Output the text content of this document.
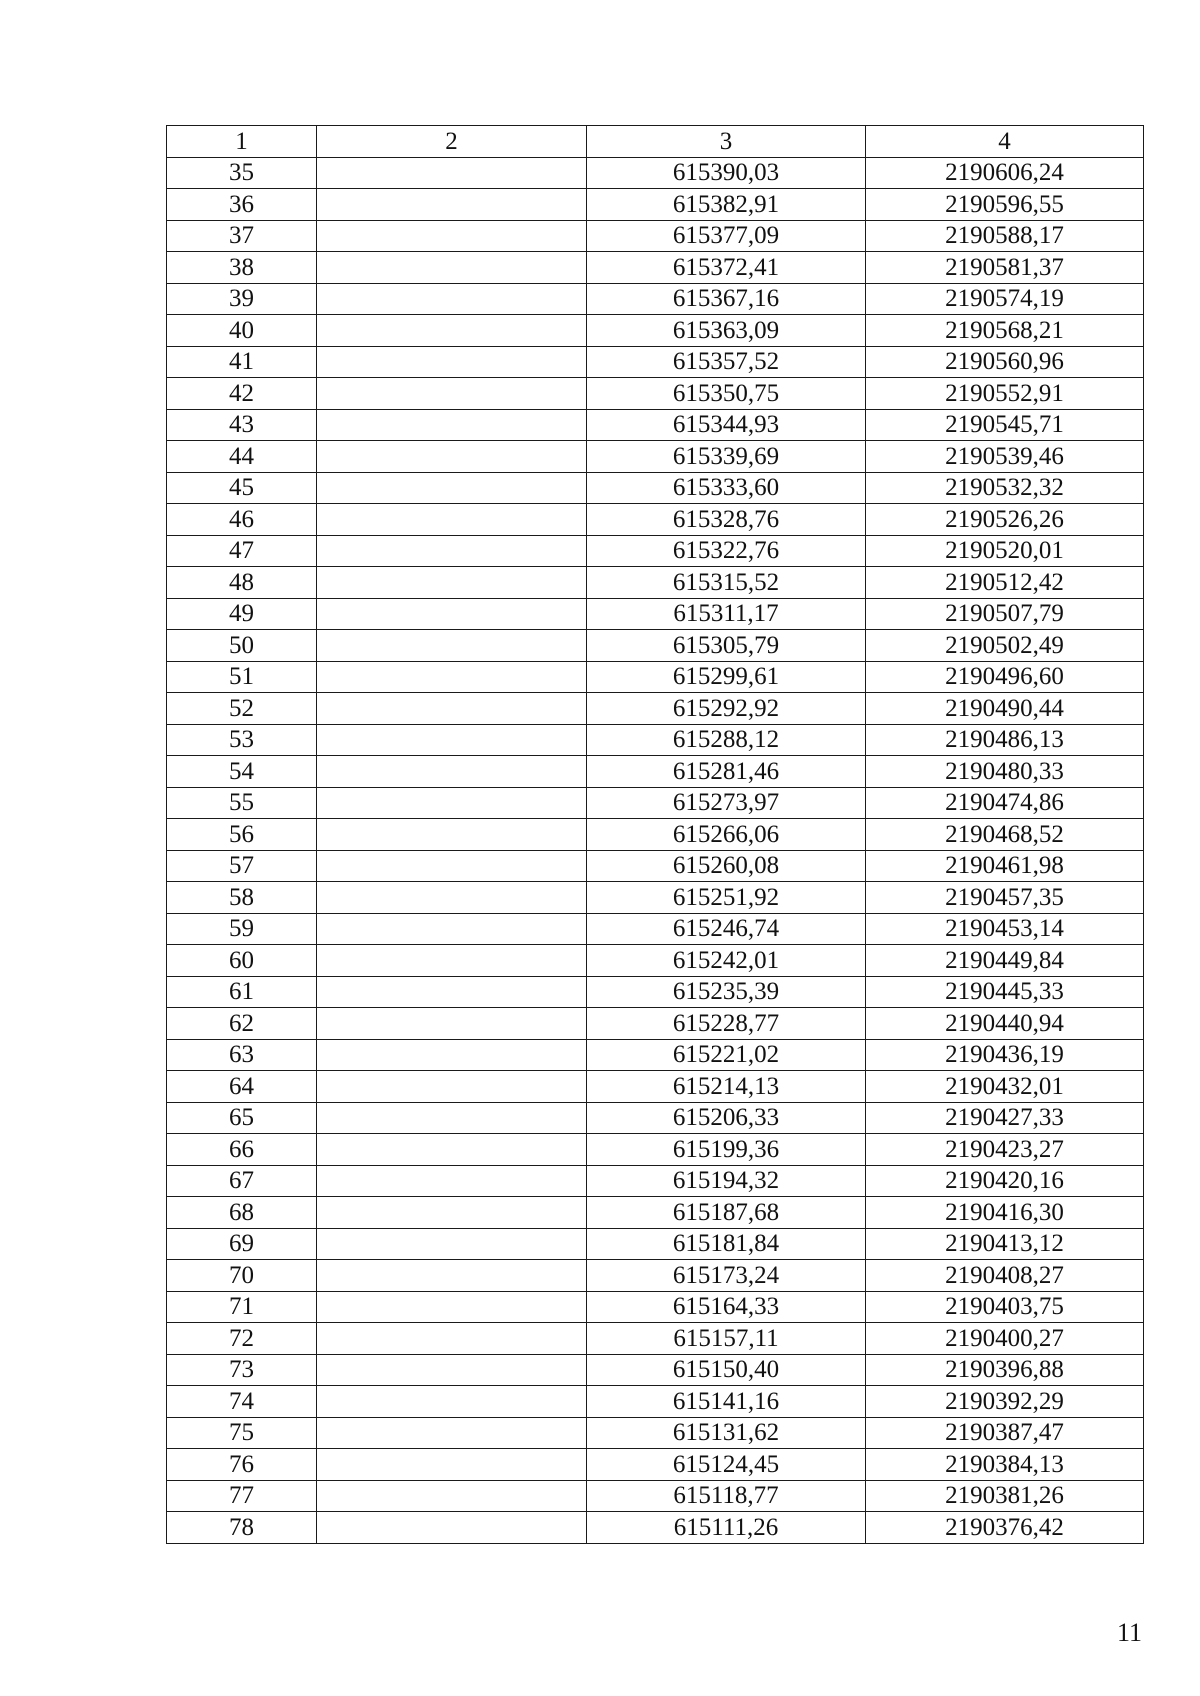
1	2	3	4
35		615390,03	2190606,24
36		615382,91	2190596,55
37		615377,09	2190588,17
38		615372,41	2190581,37
39		615367,16	2190574,19
40		615363,09	2190568,21
41		615357,52	2190560,96
42		615350,75	2190552,91
43		615344,93	2190545,71
44		615339,69	2190539,46
45		615333,60	2190532,32
46		615328,76	2190526,26
47		615322,76	2190520,01
48		615315,52	2190512,42
49		615311,17	2190507,79
50		615305,79	2190502,49
51		615299,61	2190496,60
52		615292,92	2190490,44
53		615288,12	2190486,13
54		615281,46	2190480,33
55		615273,97	2190474,86
56		615266,06	2190468,52
57		615260,08	2190461,98
58		615251,92	2190457,35
59		615246,74	2190453,14
60		615242,01	2190449,84
61		615235,39	2190445,33
62		615228,77	2190440,94
63		615221,02	2190436,19
64		615214,13	2190432,01
65		615206,33	2190427,33
66		615199,36	2190423,27
67		615194,32	2190420,16
68		615187,68	2190416,30
69		615181,84	2190413,12
70		615173,24	2190408,27
71		615164,33	2190403,75
72		615157,11	2190400,27
73		615150,40	2190396,88
74		615141,16	2190392,29
75		615131,62	2190387,47
76		615124,45	2190384,13
77		615118,77	2190381,26
78		615111,26	2190376,42
11
